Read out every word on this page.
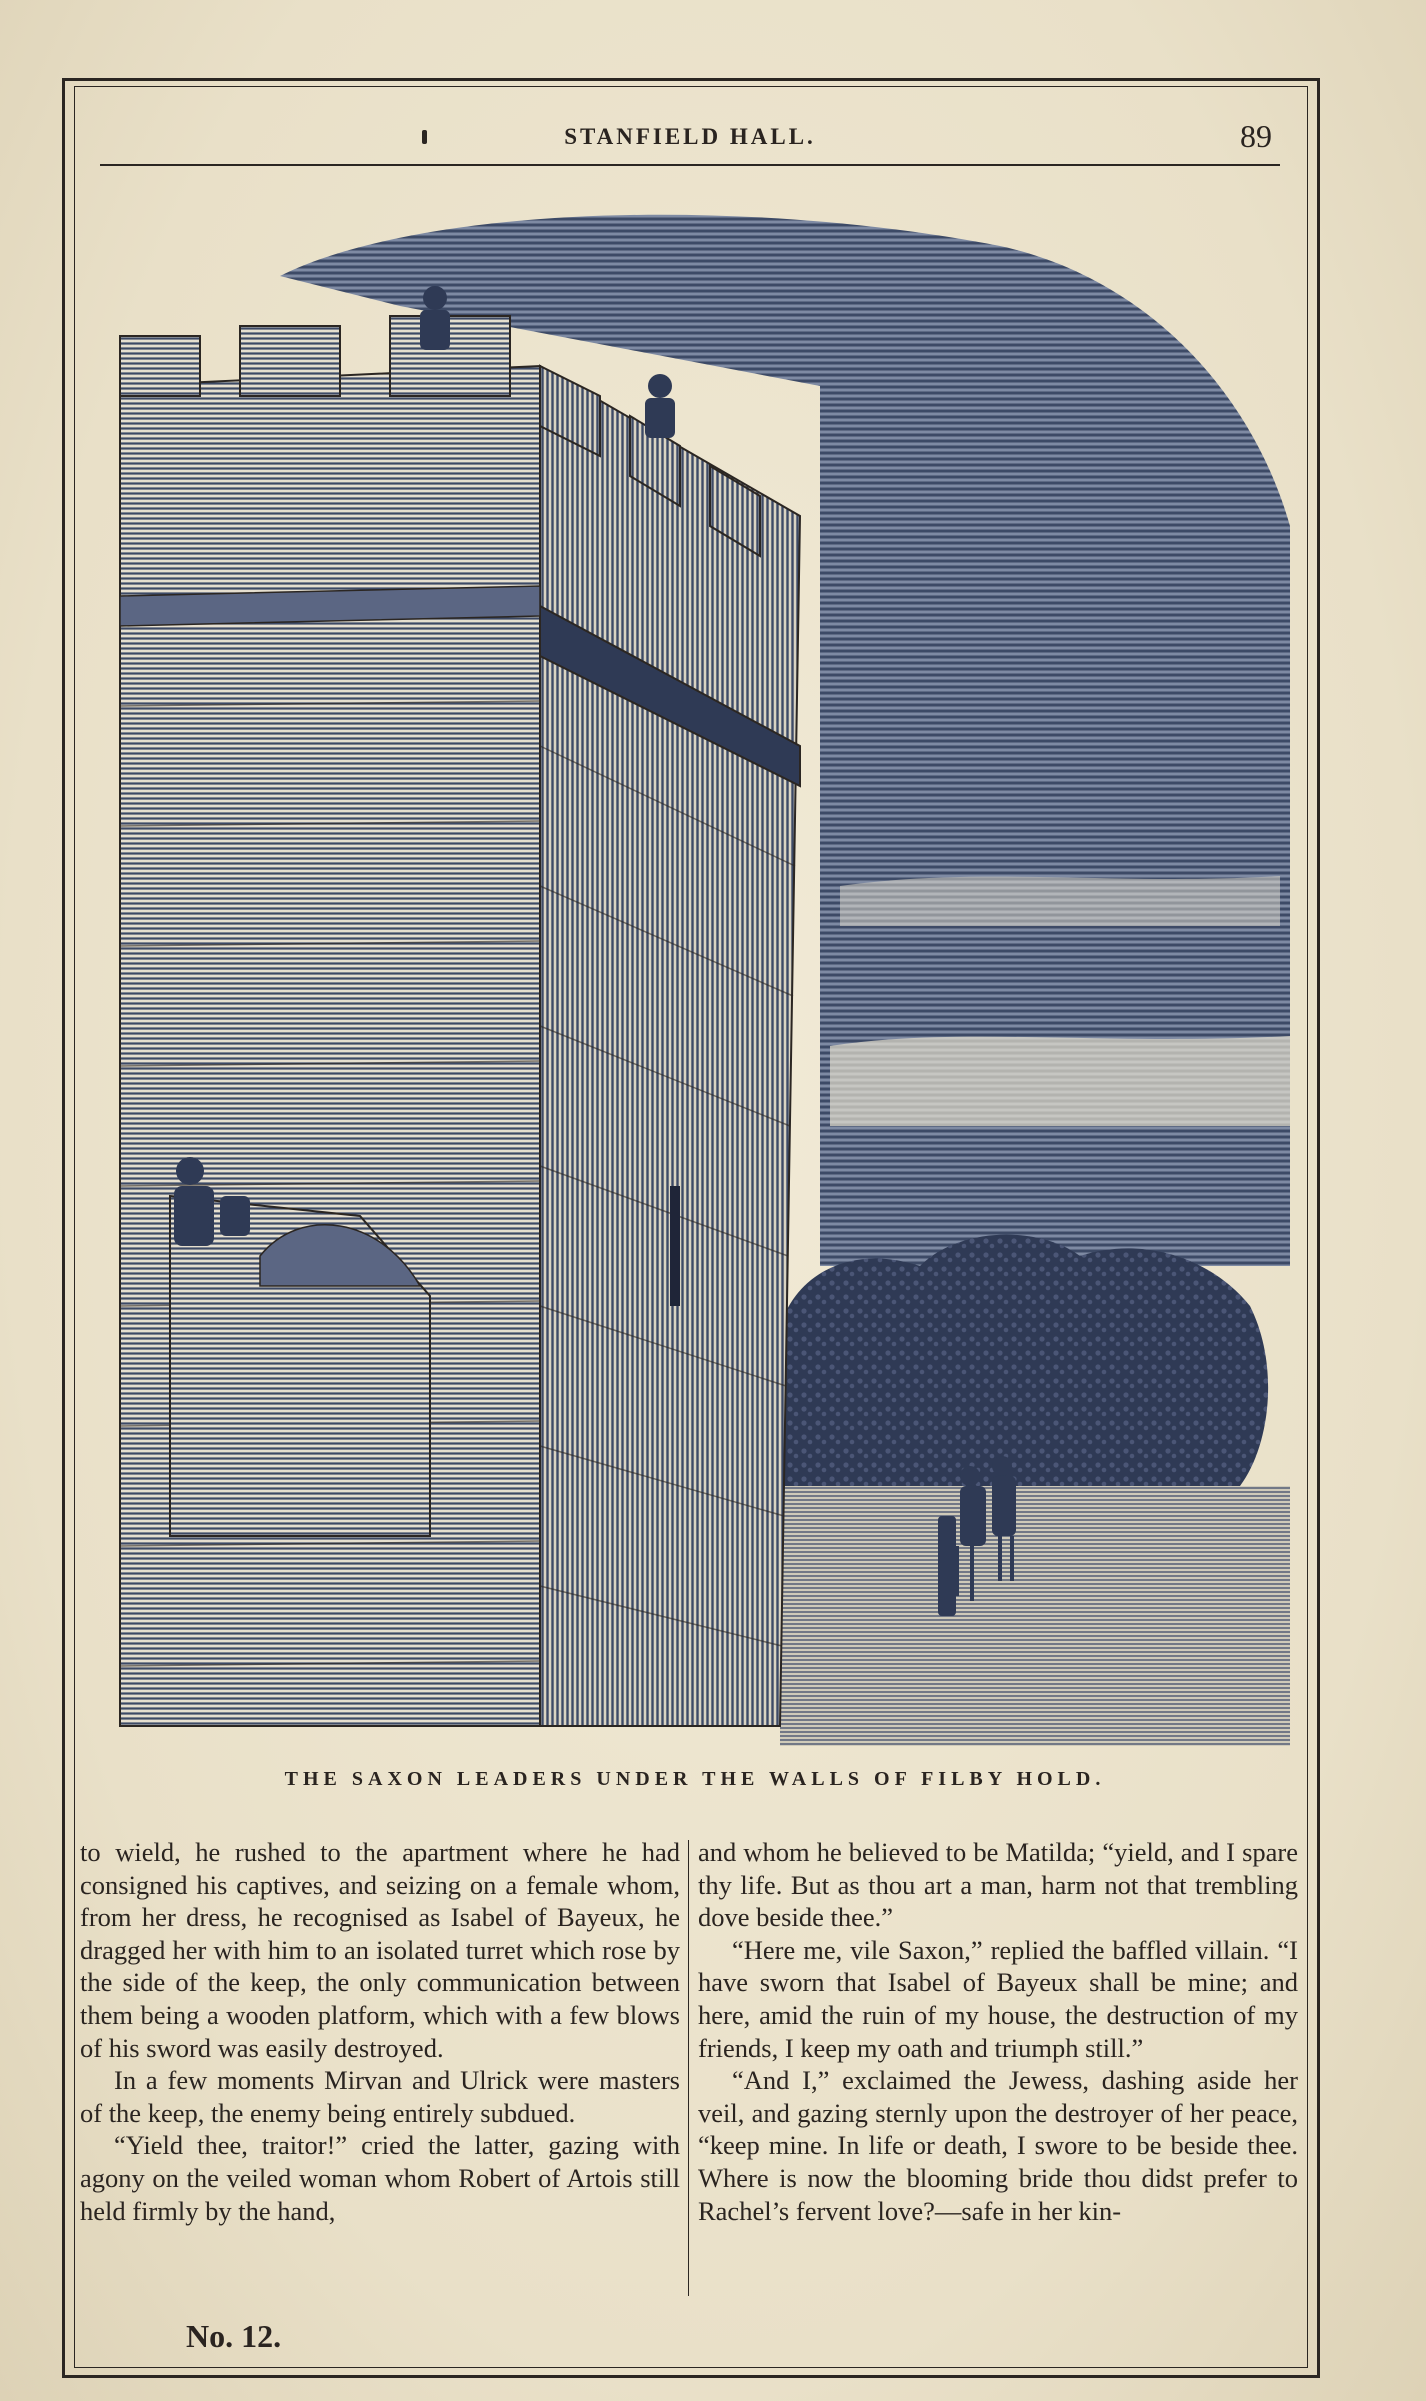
STANFIELD HALL.	89
THE SAXON LEADERS UNDER THE WALLS OF FILBY HOLD.

to wield, he rushed to the apartment where he had consigned his captives, and seizing on a female whom, from her dress, he recognised as Isabel of Bayeux, he dragged her with him to an isolated turret which rose by the side of the keep, the only communication between them being a wooden platform, which with a few blows of his sword was easily destroyed.

In a few moments Mirvan and Ulrick were masters of the keep, the enemy being entirely subdued.

“Yield thee, traitor!” cried the latter, gazing with agony on the veiled woman whom Robert of Artois still held firmly by the hand,

and whom he believed to be Matilda; “yield, and I spare thy life. But as thou art a man, harm not that trembling dove beside thee.”

“Here me, vile Saxon,” replied the baffled villain. “I have sworn that Isabel of Bayeux shall be mine; and here, amid the ruin of my house, the destruction of my friends, I keep my oath and triumph still.”

“And I,” exclaimed the Jewess, dashing aside her veil, and gazing sternly upon the destroyer of her peace, “keep mine. In life or death, I swore to be beside thee. Where is now the blooming bride thou didst prefer to Rachel’s fervent love?—safe in her kin-

No. 12.
